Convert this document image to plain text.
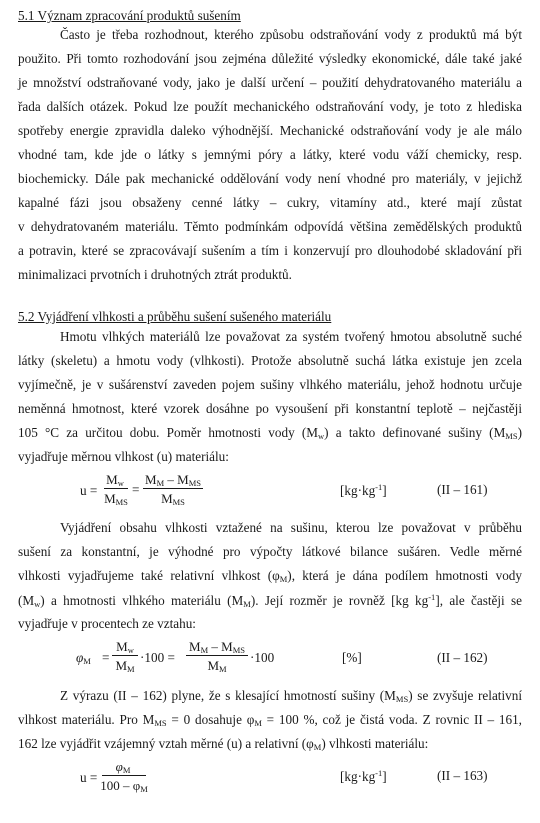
5.1 Význam zpracování produktů sušením
Často je třeba rozhodnout, kterého způsobu odstraňování vody z produktů má být
použito. Při tomto rozhodování jsou zejména důležité výsledky ekonomické, dále také jaké
je množství odstraňované vody, jako je další určení – použití dehydratovaného materiálu a
řada dalších otázek. Pokud lze použít mechanického odstraňování vody, je toto z hlediska
spotřeby energie zpravidla daleko výhodnější. Mechanické odstraňování vody je ale málo
vhodné tam, kde jde o látky s jemnými póry a látky, které vodu váží chemicky, resp.
biochemicky. Dále pak mechanické oddělování vody není vhodné pro materiály, v jejichž
kapalné fázi jsou obsaženy cenné látky – cukry, vitamíny atd., které mají zůstat
v dehydratovaném materiálu. Těmto podmínkám odpovídá většina zemědělských produktů
a potravin, které se zpracovávají sušením a tím i konzervují pro dlouhodobé skladování při
minimalizaci prvotních i druhotných ztrát produktů.
5.2 Vyjádření vlhkosti a průběhu sušení sušeného materiálu
Hmotu vlhkých materiálů lze považovat za systém tvořený hmotou absolutně suché
látky (skeletu) a hmotu vody (vlhkosti). Protože absolutně suchá látka existuje jen zcela
vyjímečně, je v sušárenství zaveden pojem sušiny vlhkého materiálu, jehož hodnotu určuje
neměnná hmotnost, které vzorek dosáhne po vysoušení při konstantní teplotě – nejčastěji
105 °C za určitou dobu. Poměr hmotnosti vody $(M_w)$ a takto definované sušiny $(M_{MS})$
vyjadřuje měrnou vlhkost (u) materiálu:
u =
$M_w$
$M_{MS}$
=
$M_M - M_{MS}$
$M_{MS}$
$[kg\cdot kg^{-1}]$	(II – 161)
Vyjádření obsahu vlhkosti vztažené na sušinu, kterou lze považovat v průběhu
sušení za konstantní, je výhodné pro výpočty látkové bilance sušáren. Vedle měrné
vlhkosti vyjadřujeme také relativní vlhkost $(\varphi_M)$, která je dána podílem hmotnosti vody
$(M_w)$ a hmotnosti vlhkého materiálu $(M_M)$. Její rozměr je rovněž [kg $kg^{-1}$], ale častěji se
vyjadřuje v procentech ze vztahu:
$\varphi_M$ =
$M_w$
$M_M$
·100 =
$M_M - M_{MS}$
$M_M$
·100	[%]	(II – 162)
Z výrazu (II – 162) plyne, že s klesající hmotností sušiny $(M_{MS})$ se zvyšuje relativní
vlhkost materiálu. Pro $M_{MS} = 0$ dosahuje $\varphi_M = 100$ %, což je čistá voda. Z rovnic II – 161,
162 lze vyjádřit vzájemný vztah měrné (u) a relativní $(\varphi_M)$ vlhkosti materiálu:
u =
$\varphi_M$
$100 - \varphi_M$
$[kg\cdot kg^{-1}]$	(II – 163)
